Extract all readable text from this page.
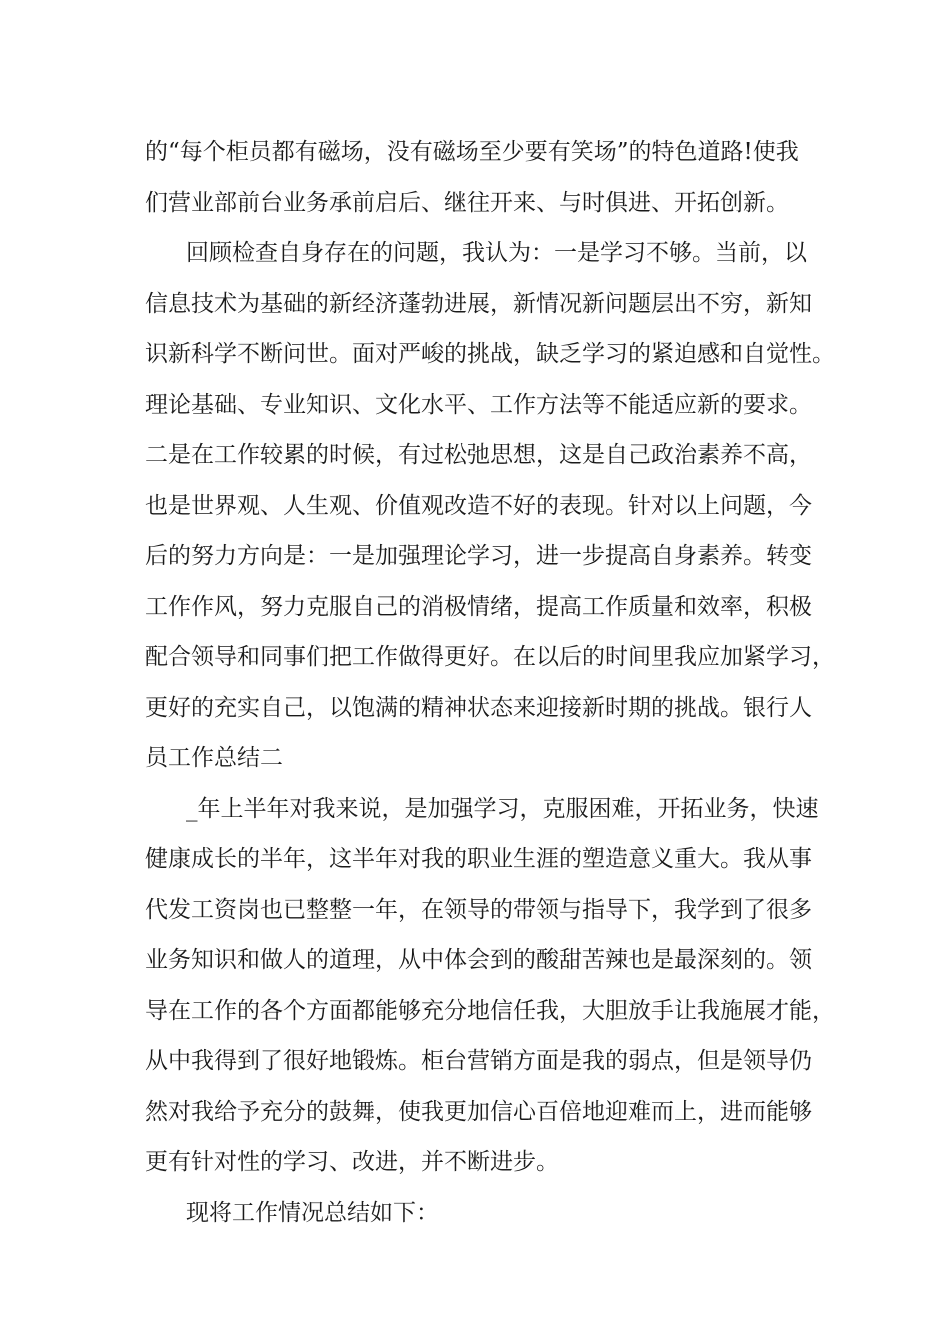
的“每个柜员都有磁场，没有磁场至少要有笑场”的特色道路!使我
们营业部前台业务承前启后、继往开来、与时俱进、开拓创新。
回顾检查自身存在的问题，我认为：一是学习不够。当前，以
信息技术为基础的新经济蓬勃进展，新情况新问题层出不穷，新知
识新科学不断问世。面对严峻的挑战，缺乏学习的紧迫感和自觉性。
理论基础、专业知识、文化水平、工作方法等不能适应新的要求。
二是在工作较累的时候，有过松弛思想，这是自己政治素养不高，
也是世界观、人生观、价值观改造不好的表现。针对以上问题，今
后的努力方向是：一是加强理论学习，进一步提高自身素养。转变
工作作风，努力克服自己的消极情绪，提高工作质量和效率，积极
配合领导和同事们把工作做得更好。在以后的时间里我应加紧学习，
更好的充实自己，以饱满的精神状态来迎接新时期的挑战。银行人
员工作总结二
_年上半年对我来说，是加强学习，克服困难，开拓业务，快速
健康成长的半年，这半年对我的职业生涯的塑造意义重大。我从事
代发工资岗也已整整一年，在领导的带领与指导下，我学到了很多
业务知识和做人的道理，从中体会到的酸甜苦辣也是最深刻的。领
导在工作的各个方面都能够充分地信任我，大胆放手让我施展才能，
从中我得到了很好地锻炼。柜台营销方面是我的弱点，但是领导仍
然对我给予充分的鼓舞，使我更加信心百倍地迎难而上，进而能够
更有针对性的学习、改进，并不断进步。
现将工作情况总结如下：
